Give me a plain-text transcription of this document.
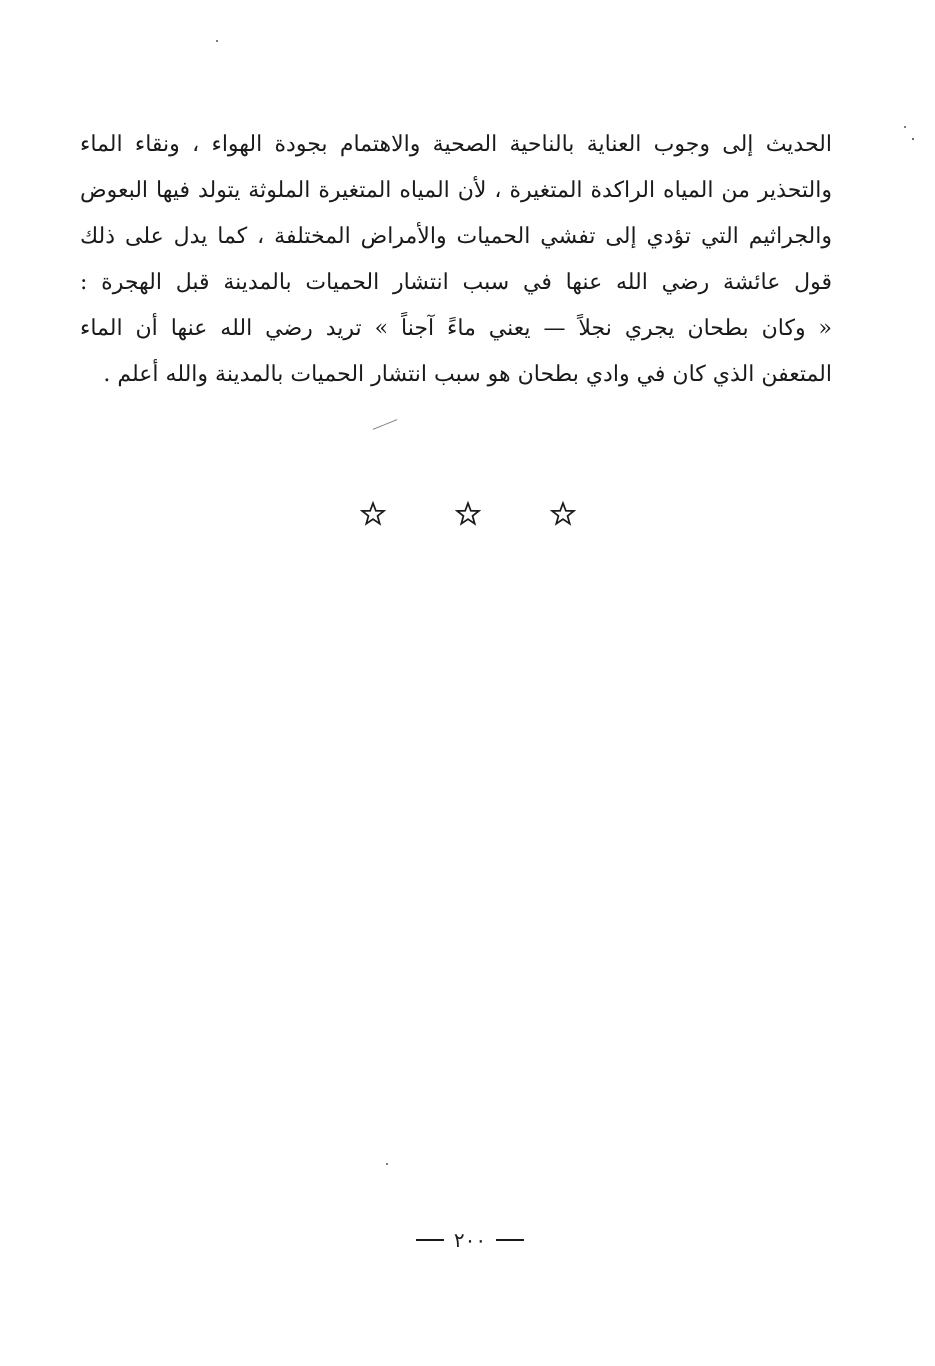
الحديث إلى وجوب العناية بالناحية الصحية والاهتمام بجودة الهواء ، ونقاء الماء
والتحذير من المياه الراكدة المتغيرة ، لأن المياه المتغيرة الملوثة يتولد فيها البعوض
والجراثيم التي تؤدي إلى تفشي الحميات والأمراض المختلفة ، كما يدل على ذلك
قول عائشة رضي الله عنها في سبب انتشار الحميات بالمدينة قبل الهجرة :
« وكان بطحان يجري نجلاً — يعني ماءً آجناً » تريد رضي الله عنها أن الماء
المتعفن الذي كان في وادي بطحان هو سبب انتشار الحميات بالمدينة والله أعلم .
٢٠٠
